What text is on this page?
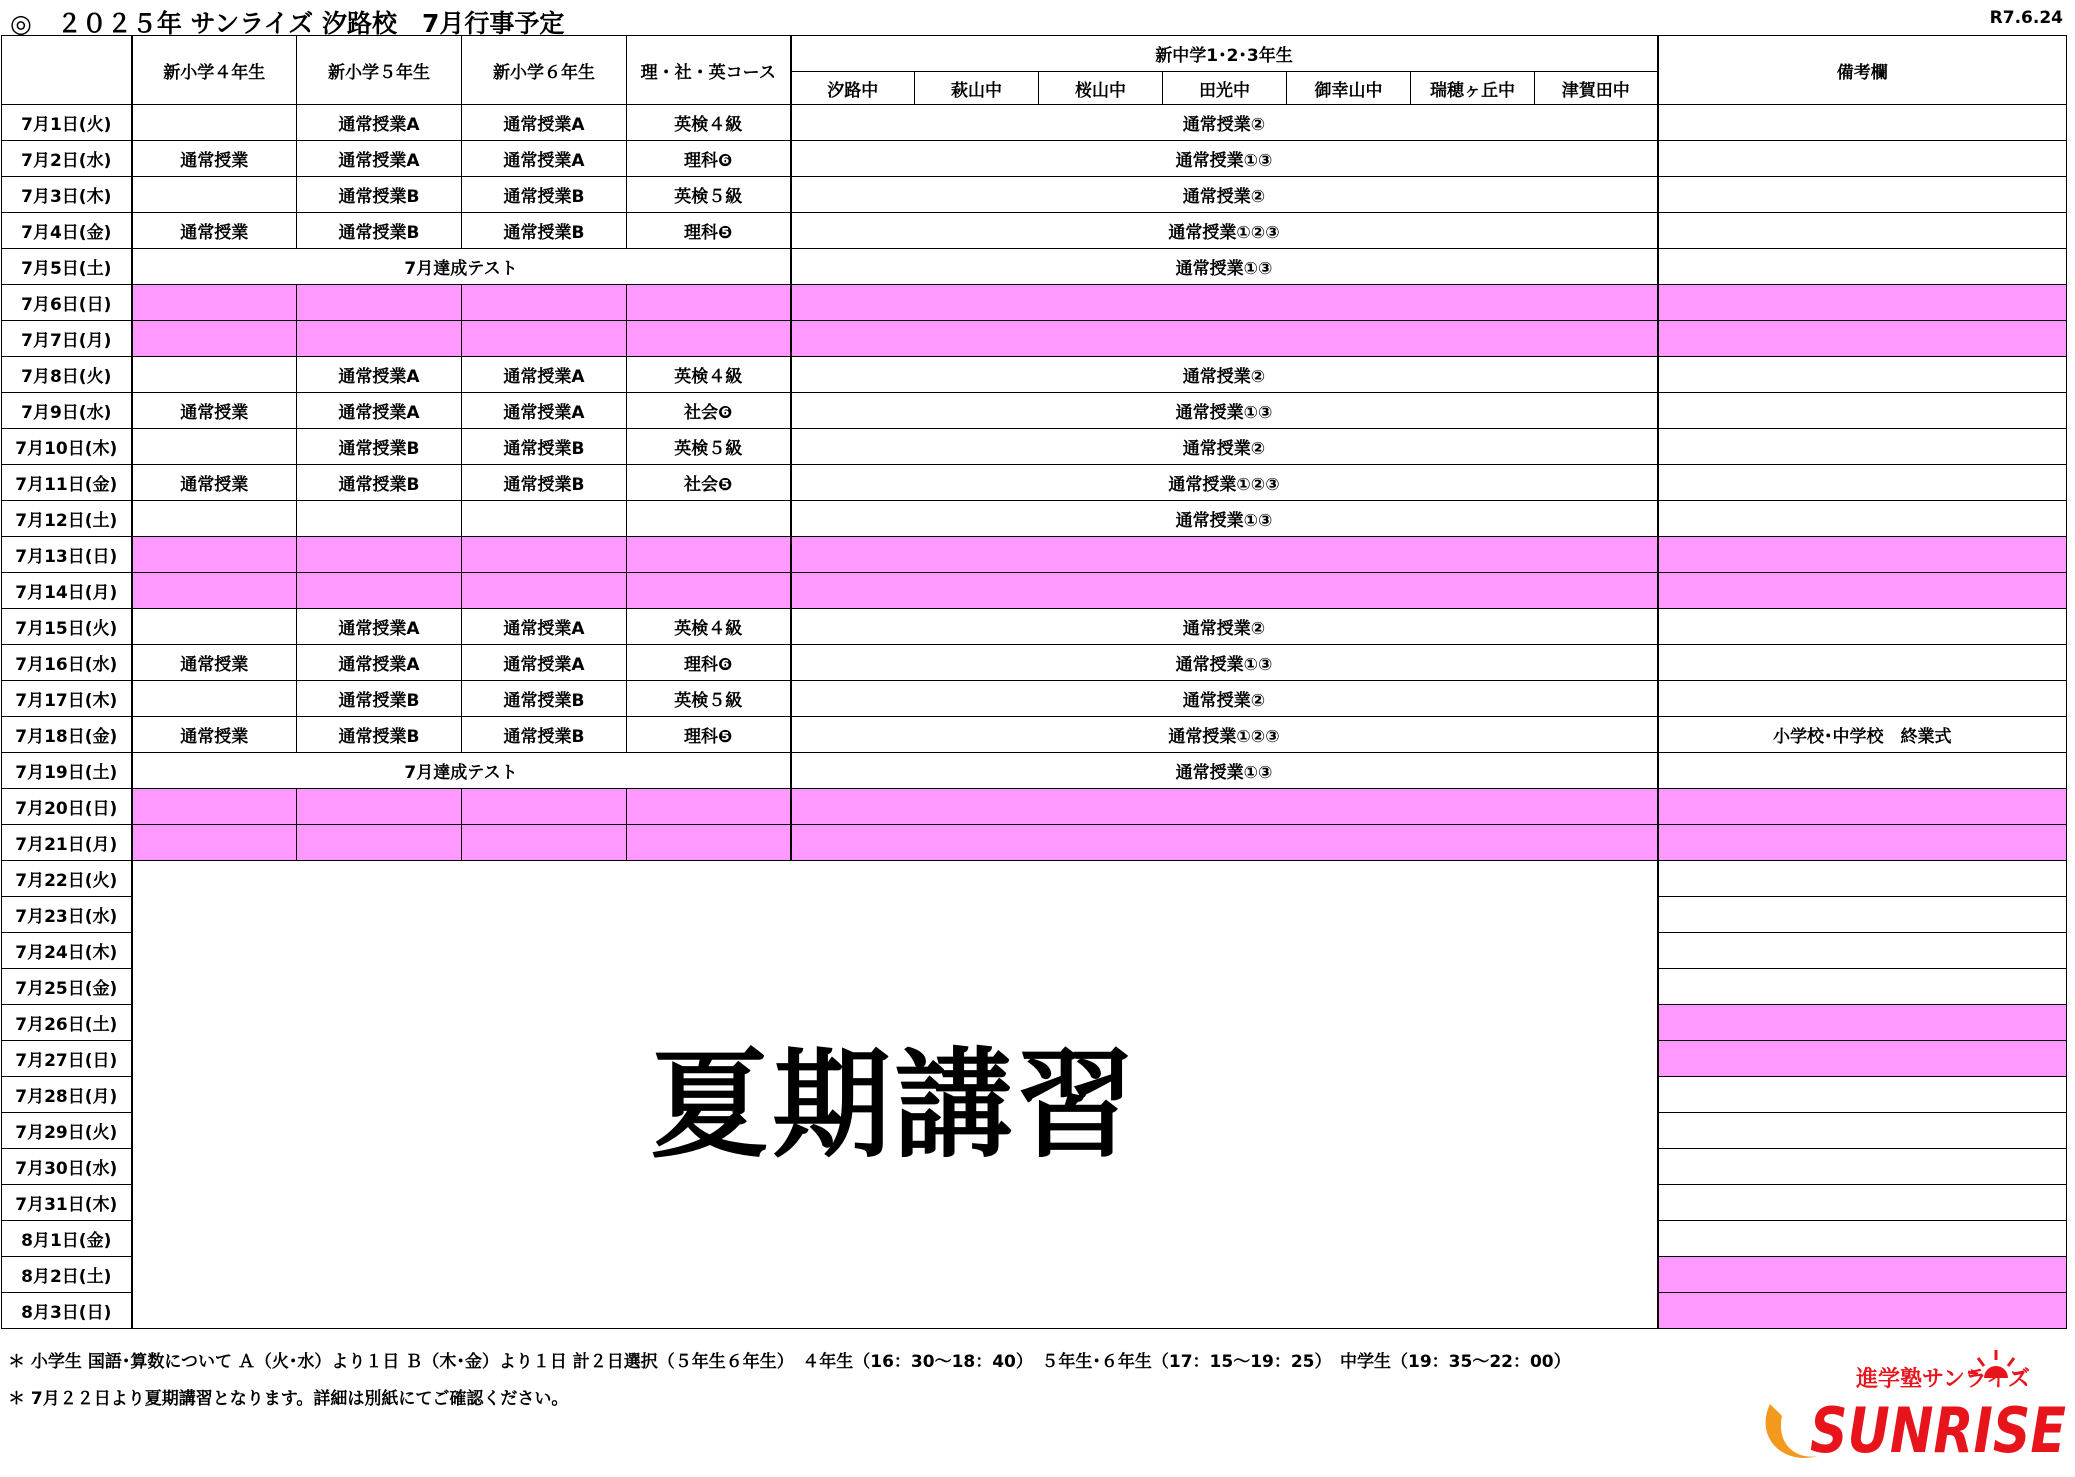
◎　２０２５年 サンライズ 汐路校　7月行事予定	R7.6.24
	新小学４年生	新小学５年生	新小学６年生	理・社・英コース	新中学1･2･3年生							備考欄
					汐路中	萩山中	桜山中	田光中	御幸山中	瑞穂ヶ丘中	津賀田中	
7月1日(火)		通常授業A	通常授業A	英検４級	通常授業②							
7月2日(水)	通常授業	通常授業A	通常授業A	理科❻	通常授業①③							
7月3日(木)		通常授業B	通常授業B	英検５級	通常授業②							
7月4日(金)	通常授業	通常授業B	通常授業B	理科❺	通常授業①②③							
7月5日(土)	7月達成テスト				通常授業①③							
7月6日(日)												
7月7日(月)												
7月8日(火)		通常授業A	通常授業A	英検４級	通常授業②							
7月9日(水)	通常授業	通常授業A	通常授業A	社会❻	通常授業①③							
7月10日(木)		通常授業B	通常授業B	英検５級	通常授業②							
7月11日(金)	通常授業	通常授業B	通常授業B	社会❺	通常授業①②③							
7月12日(土)					通常授業①③							
7月13日(日)												
7月14日(月)												
7月15日(火)		通常授業A	通常授業A	英検４級	通常授業②							
7月16日(水)	通常授業	通常授業A	通常授業A	理科❻	通常授業①③							
7月17日(木)		通常授業B	通常授業B	英検５級	通常授業②							
7月18日(金)	通常授業	通常授業B	通常授業B	理科❺	通常授業①②③							小学校･中学校　終業式
7月19日(土)	7月達成テスト				通常授業①③							
7月20日(日)												
7月21日(月)												
7月22日(火)	夏期講習											
7月23日(水)												
7月24日(木)												
7月25日(金)												
7月26日(土)												
7月27日(日)												
7月28日(月)												
7月29日(火)												
7月30日(水)												
7月31日(木)												
8月1日(金)												
8月2日(土)												
8月3日(日)												
＊ 小学生 国語･算数について Ａ（火･水）より１日 Ｂ（木･金）より１日 計２日選択（５年生６年生）　４年生（16：30～18：40）　５年生･６年生（17：15～19：25）　中学生（19：35～22：00）
＊ 7月２２日より夏期講習となります。詳細は別紙にてご確認ください。
進学塾サンライズ
SUNRISE
